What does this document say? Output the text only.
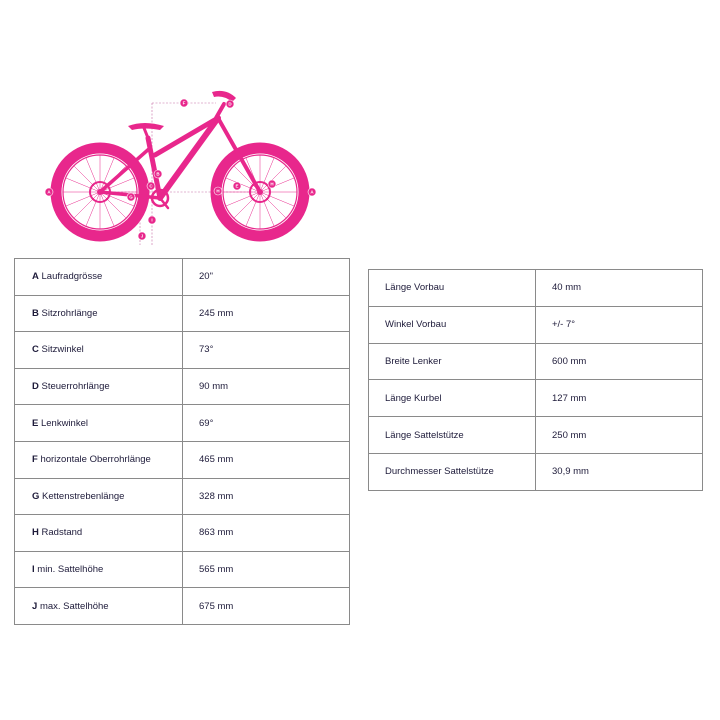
A	A
B
C
D
E
F
G
H
H
I
J
A Laufradgrösse	20"
B Sitzrohrlänge	245 mm
C Sitzwinkel	73°
D Steuerrohrlänge	90 mm
E Lenkwinkel	69°
F horizontale Oberrohrlänge	465 mm
G Kettenstrebenlänge	328 mm
H Radstand	863 mm
I min. Sattelhöhe	565 mm
J max. Sattelhöhe	675 mm
Länge Vorbau	40 mm
Winkel Vorbau	+/- 7°
Breite Lenker	600 mm
Länge Kurbel	127 mm
Länge Sattelstütze	250 mm
Durchmesser Sattelstütze	30,9 mm
